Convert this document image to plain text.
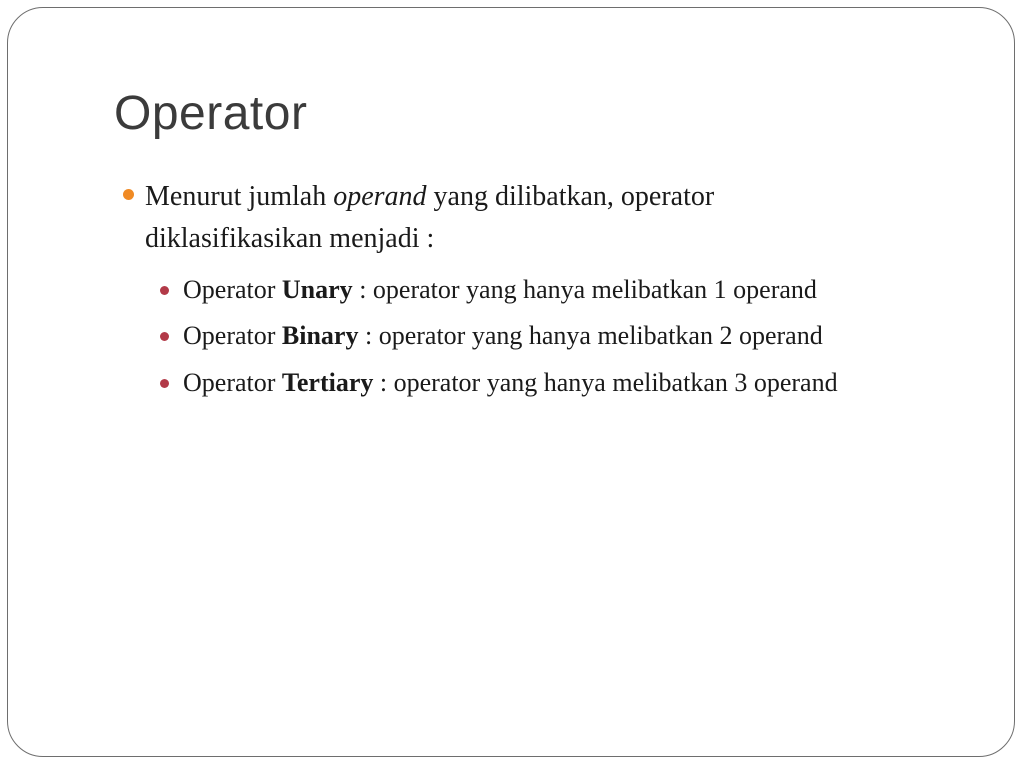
Operator
Menurut jumlah operand yang dilibatkan, operator diklasifikasikan menjadi :
Operator Unary : operator yang hanya melibatkan 1 operand
Operator Binary : operator yang hanya melibatkan 2 operand
Operator Tertiary : operator yang hanya melibatkan 3 operand
